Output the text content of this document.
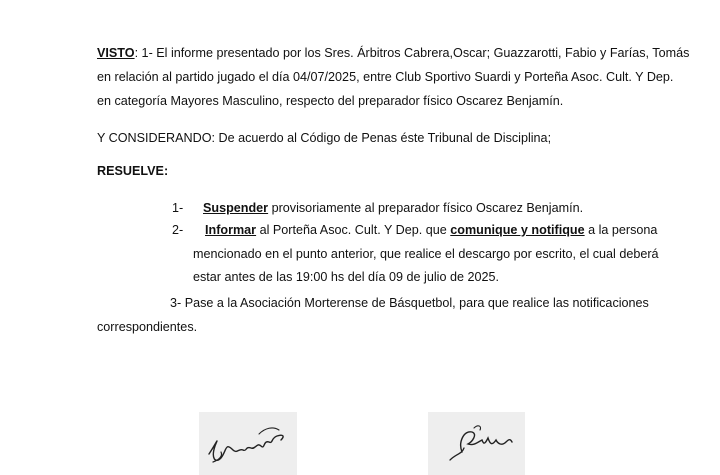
VISTO: 1- El informe presentado por los Sres. Árbitros Cabrera,Oscar; Guazzarotti, Fabio y Farías, Tomás

en relación al partido jugado el día 04/07/2025, entre Club Sportivo Suardi y Porteña Asoc. Cult. Y Dep.

en categoría Mayores Masculino, respecto del preparador físico Oscarez Benjamín.

Y CONSIDERANDO: De acuerdo al Código de Penas éste Tribunal de Disciplina;

RESUELVE:

1- Suspender provisoriamente al preparador físico Oscarez Benjamín.

2- Informar al Porteña Asoc. Cult. Y Dep. que comunique y notifique a la persona

mencionado en el punto anterior, que realice el descargo por escrito, el cual deberá

estar antes de las 19:00 hs del día 09 de julio de 2025.

3- Pase a la Asociación Morterense de Básquetbol, para que realice las notificaciones

correspondientes.
